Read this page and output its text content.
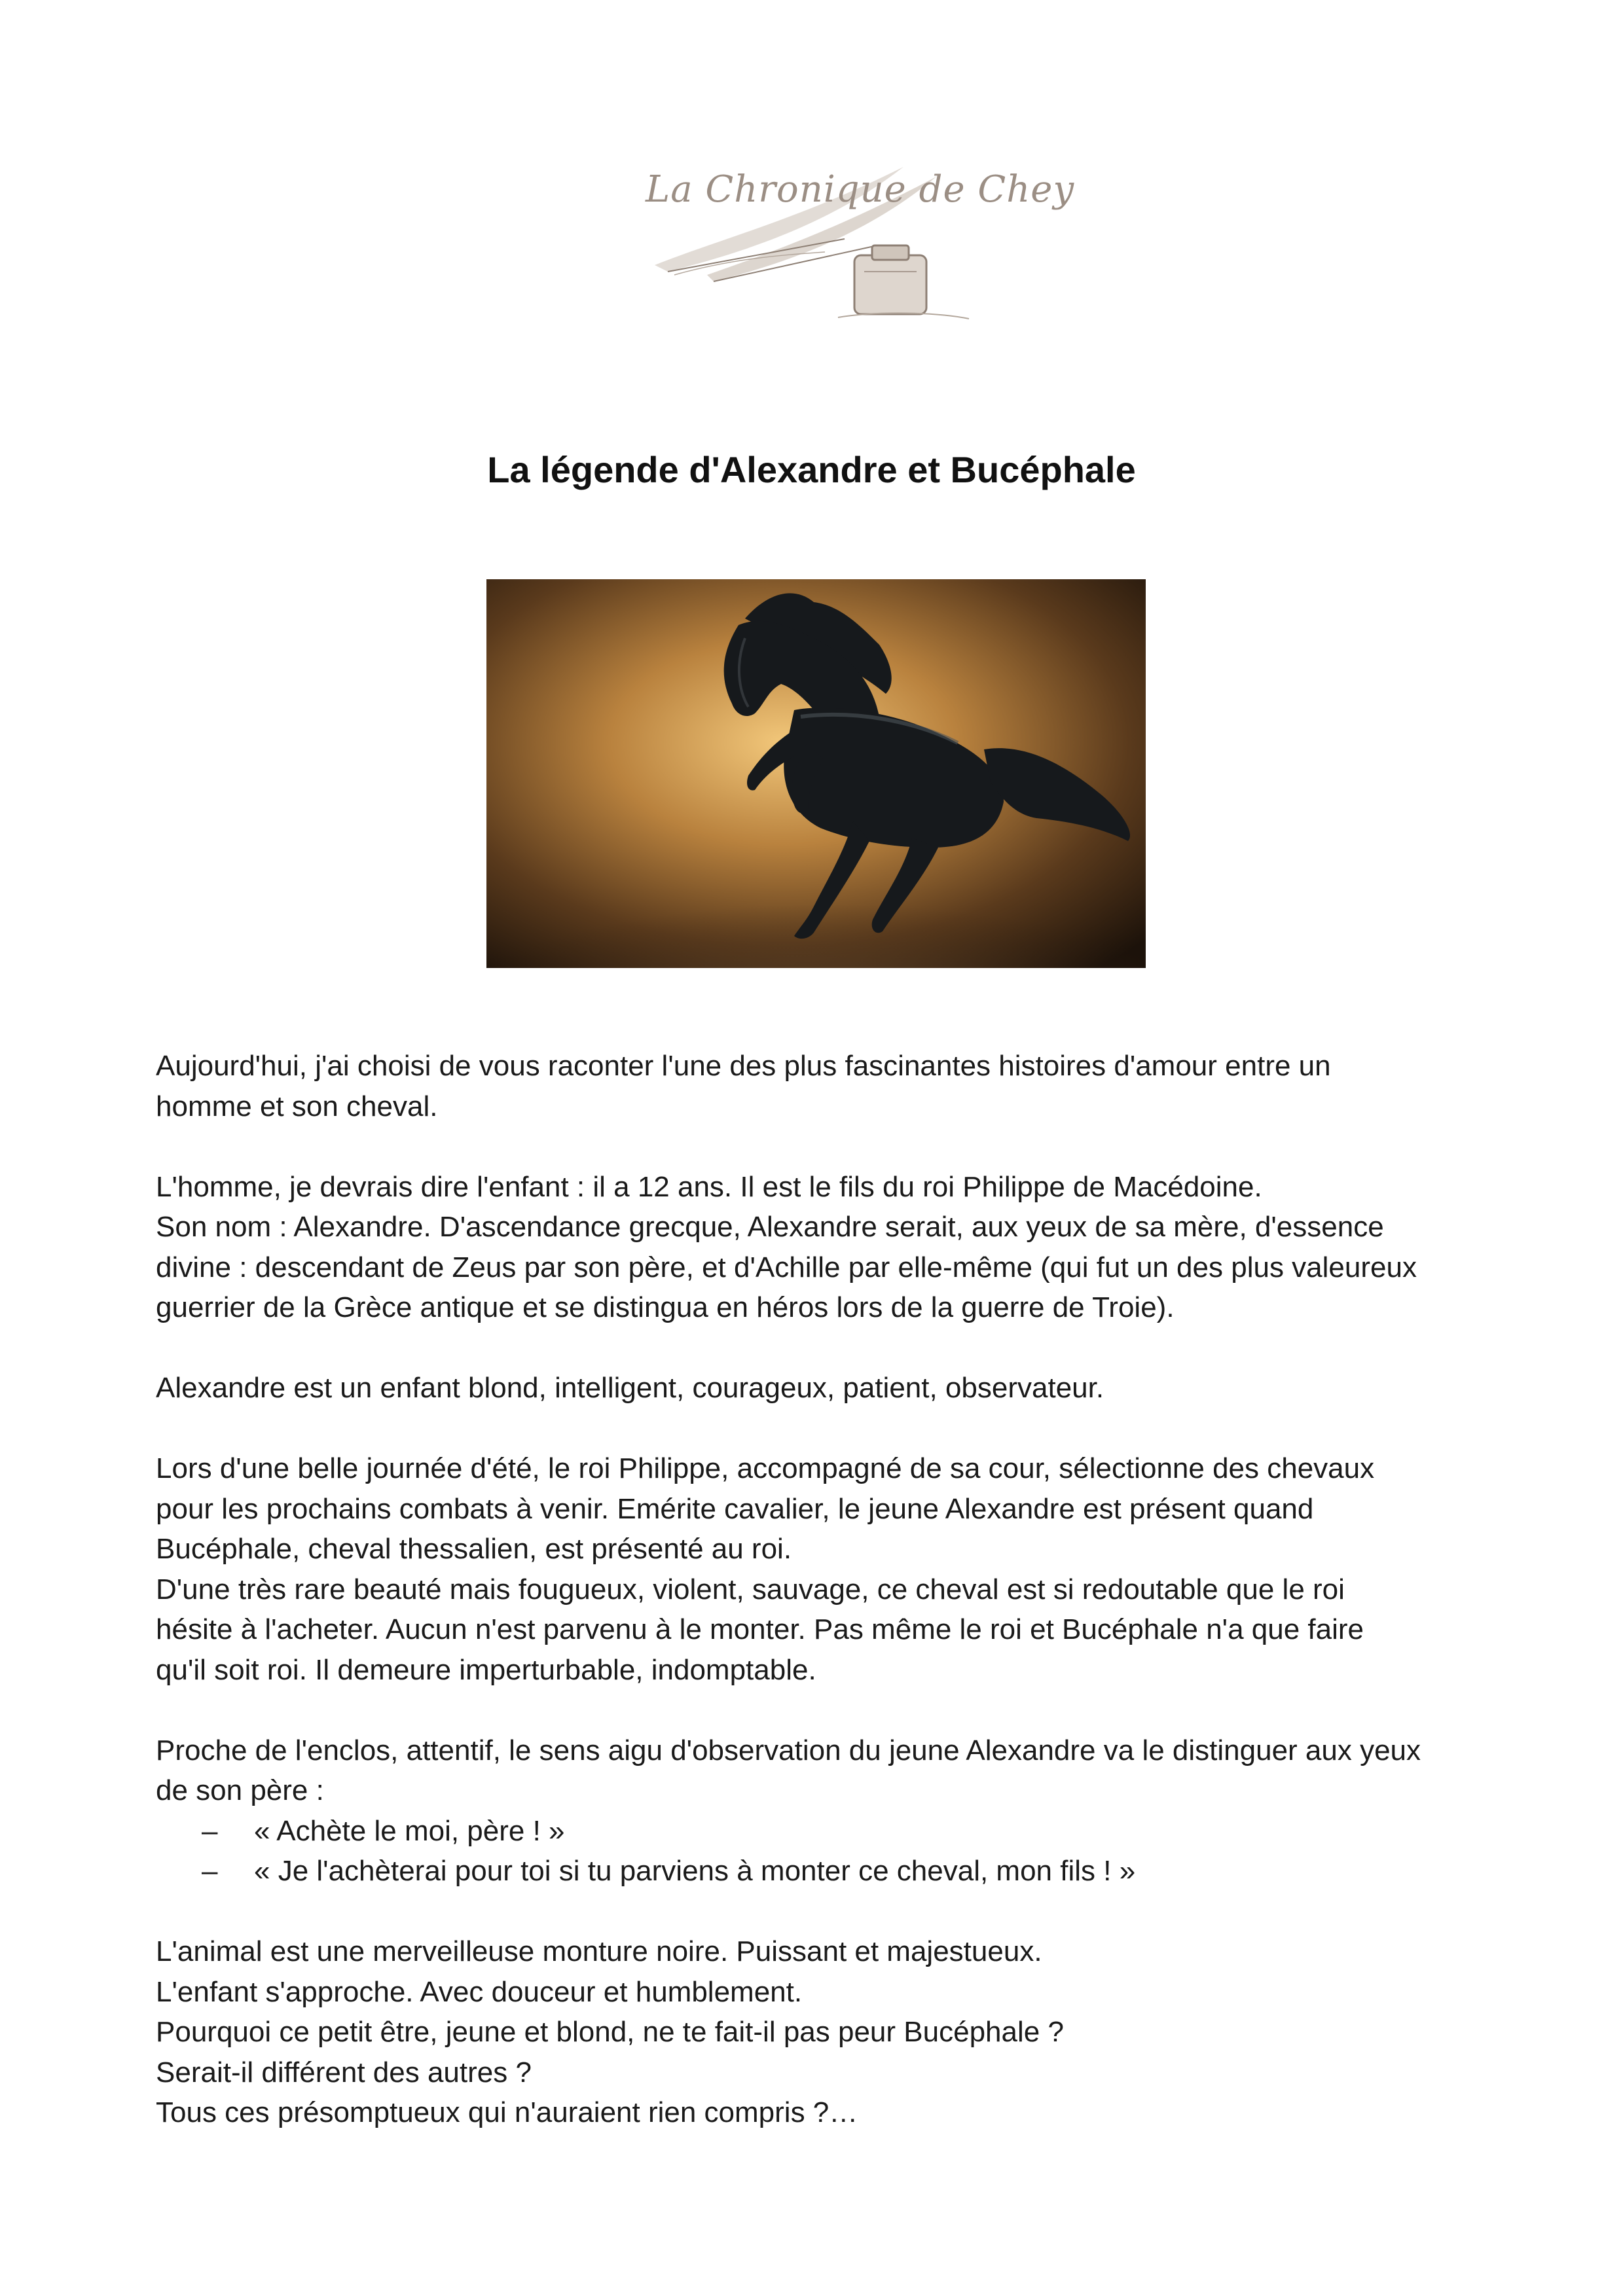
La Chronique de Chey
La légende d'Alexandre et Bucéphale

Aujourd'hui, j'ai choisi de vous raconter l'une des plus fascinantes histoires d'amour entre un
homme et son cheval.

L'homme, je devrais dire l'enfant : il a 12 ans. Il est le fils du roi Philippe de Macédoine.
Son nom : Alexandre. D'ascendance grecque, Alexandre serait, aux yeux de sa mère, d'essence
divine : descendant de Zeus par son père, et d'Achille par elle-même (qui fut un des plus valeureux
guerrier de la Grèce antique et se distingua en héros lors de la guerre de Troie).

Alexandre est un enfant blond, intelligent, courageux, patient, observateur.

Lors d'une belle journée d'été, le roi Philippe, accompagné de sa cour, sélectionne des chevaux
pour les prochains combats à venir. Emérite cavalier, le jeune Alexandre est présent quand
Bucéphale, cheval thessalien, est présenté au roi.
D'une très rare beauté mais fougueux, violent, sauvage, ce cheval est si redoutable que le roi
hésite à l'acheter. Aucun n'est parvenu à le monter. Pas même le roi et Bucéphale n'a que faire
qu'il soit roi. Il demeure imperturbable, indomptable.

Proche de l'enclos, attentif, le sens aigu d'observation du jeune Alexandre va le distinguer aux yeux
de son père :

– « Achète le moi, père ! »
– « Je l'achèterai pour toi si tu parviens à monter ce cheval, mon fils ! »

L'animal est une merveilleuse monture noire. Puissant et majestueux.
L'enfant s'approche. Avec douceur et humblement.
Pourquoi ce petit être, jeune et blond, ne te fait-il pas peur Bucéphale ?
Serait-il différent des autres ?
Tous ces présomptueux qui n'auraient rien compris ?…
